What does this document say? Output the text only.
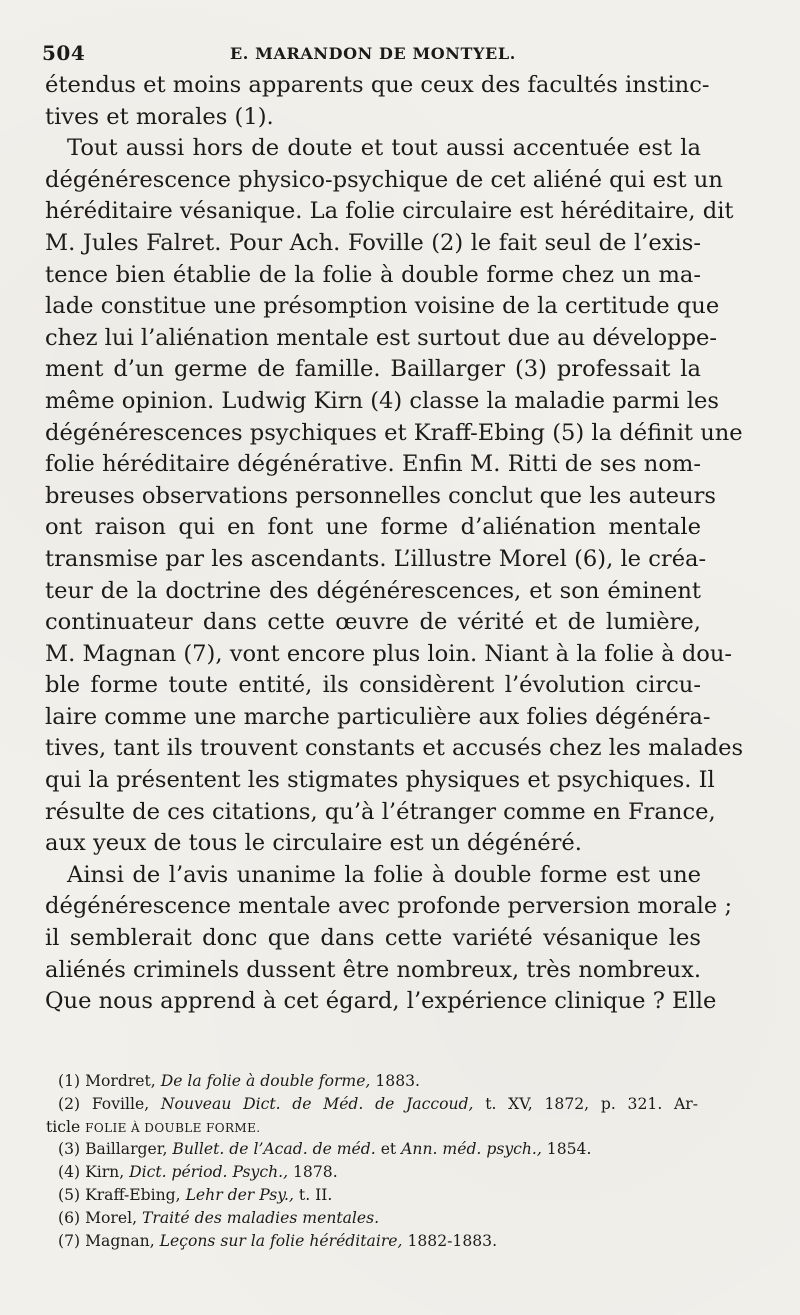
504	E. MARANDON DE MONTYEL.
étendus et moins apparents que ceux des facultés instinc-
tives et morales (1).
Tout aussi hors de doute et tout aussi accentuée est la
dégénérescence physico-psychique de cet aliéné qui est un
héréditaire vésanique. La folie circulaire est héréditaire, dit
M. Jules Falret. Pour Ach. Foville (2) le fait seul de l’exis-
tence bien établie de la folie à double forme chez un ma-
lade constitue une présomption voisine de la certitude que
chez lui l’aliénation mentale est surtout due au développe-
ment d’un germe de famille. Baillarger (3) professait la
même opinion. Ludwig Kirn (4) classe la maladie parmi les
dégénérescences psychiques et Kraff-Ebing (5) la définit une
folie héréditaire dégénérative. Enfin M. Ritti de ses nom-
breuses observations personnelles conclut que les auteurs
ont raison qui en font une forme d’aliénation mentale
transmise par les ascendants. L’illustre Morel (6), le créa-
teur de la doctrine des dégénérescences, et son éminent
continuateur dans cette œuvre de vérité et de lumière,
M. Magnan (7), vont encore plus loin. Niant à la folie à dou-
ble forme toute entité, ils considèrent l’évolution circu-
laire comme une marche particulière aux folies dégénéra-
tives, tant ils trouvent constants et accusés chez les malades
qui la présentent les stigmates physiques et psychiques. Il
résulte de ces citations, qu’à l’étranger comme en France,
aux yeux de tous le circulaire est un dégénéré.
Ainsi de l’avis unanime la folie à double forme est une
dégénérescence mentale avec profonde perversion morale ;
il semblerait donc que dans cette variété vésanique les
aliénés criminels dussent être nombreux, très nombreux.
Que nous apprend à cet égard, l’expérience clinique ? Elle
(1) Mordret, De la folie à double forme, 1883.
(2) Foville, Nouveau Dict. de Méd. de Jaccoud, t. XV, 1872, p. 321. Ar-
ticle FOLIE À DOUBLE FORME.
(3) Baillarger, Bullet. de l’Acad. de méd. et Ann. méd. psych., 1854.
(4) Kirn, Dict. périod. Psych., 1878.
(5) Kraff-Ebing, Lehr der Psy., t. II.
(6) Morel, Traité des maladies mentales.
(7) Magnan, Leçons sur la folie héréditaire, 1882-1883.
